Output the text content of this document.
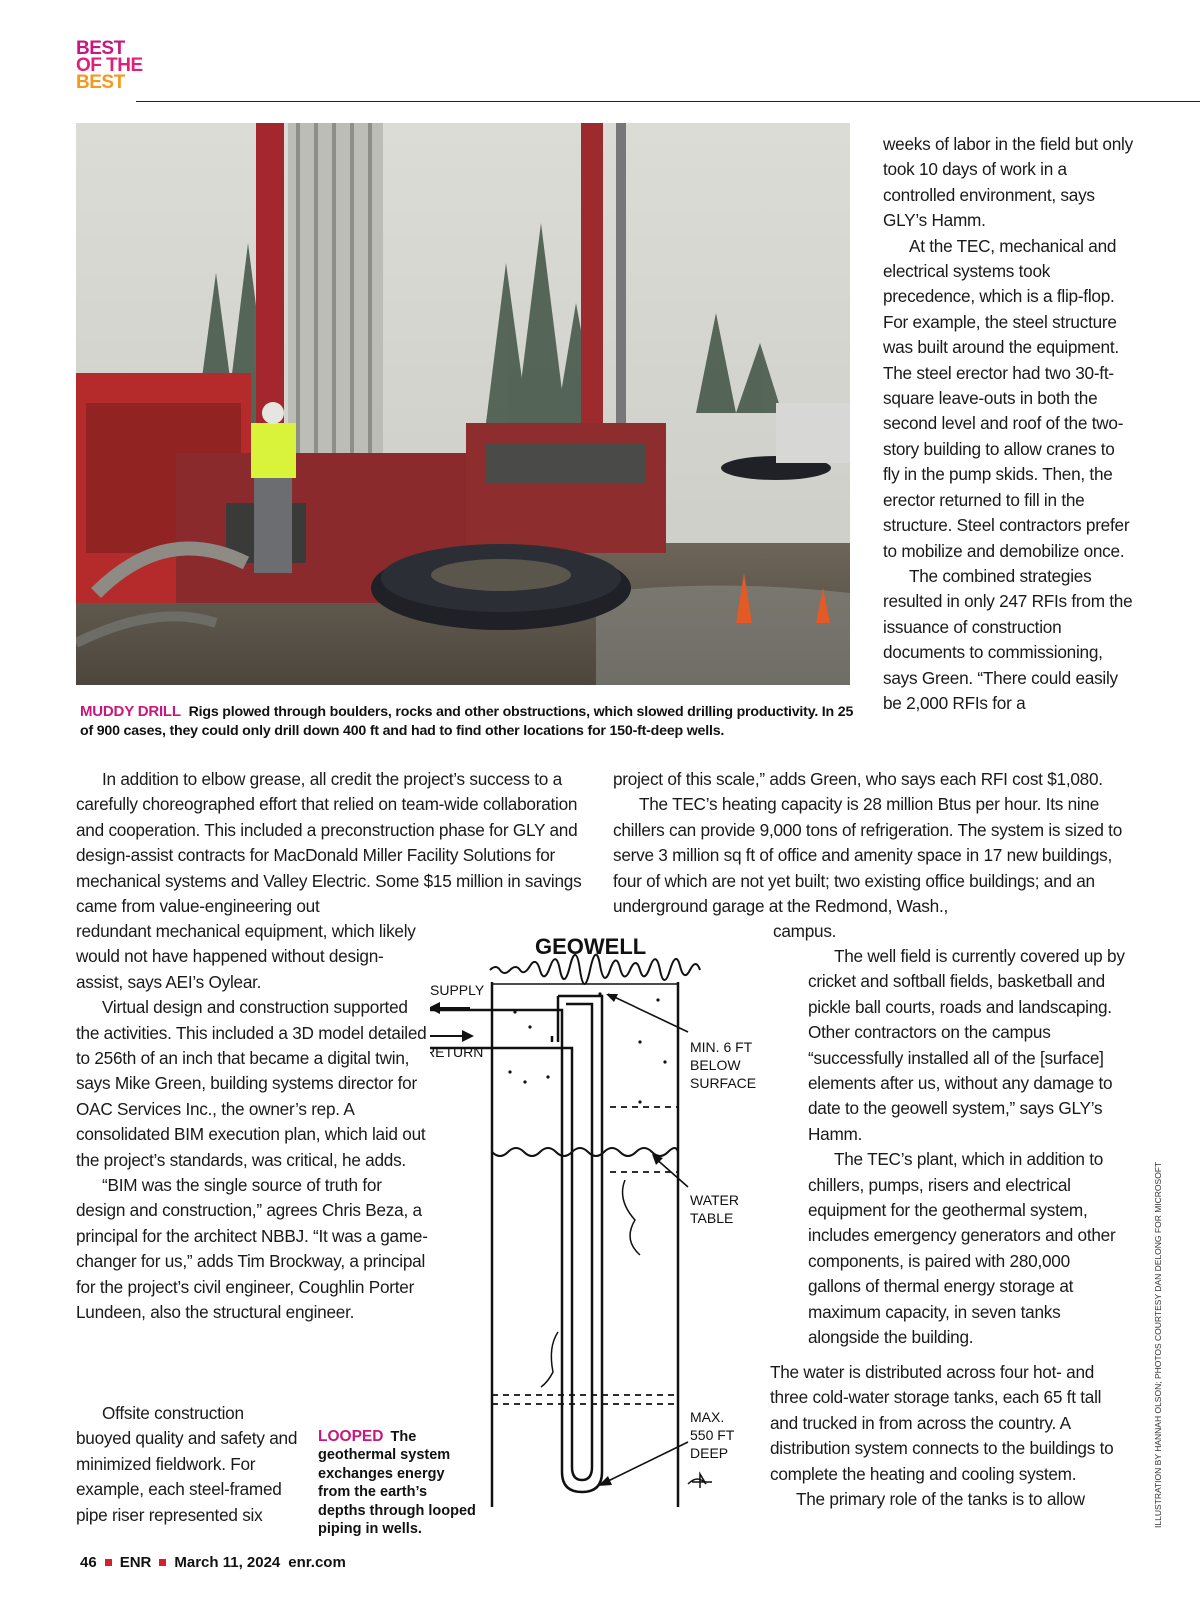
BEST
OF THE
BEST
MUDDY DRILL Rigs plowed through boulders, rocks and other obstructions, which slowed drilling productivity. In 25 of 900 cases, they could only drill down 400 ft and had to find other locations for 150-ft-deep wells.

weeks of labor in the field but only took 10 days of work in a controlled environment, says GLY’s Hamm.

At the TEC, mechanical and electrical systems took precedence, which is a flip-flop. For example, the steel structure was built around the equipment. The steel erector had two 30-ft-square leave-outs in both the second level and roof of the two-story building to allow cranes to fly in the pump skids. Then, the erector returned to fill in the structure. Steel contractors prefer to mobilize and demobilize once.

The combined strategies resulted in only 247 RFIs from the issuance of construction documents to commissioning, says Green. “There could easily be 2,000 RFIs for a

In addition to elbow grease, all credit the project’s success to a carefully choreographed effort that relied on team-wide collaboration and cooperation. This included a preconstruction phase for GLY and design-assist contracts for MacDonald Miller Facility Solutions for mechanical systems and Valley Electric. Some $15 million in savings came from value-engineering out

redundant mechanical equipment, which likely would not have happened without design-assist, says AEI’s Oylear.

Virtual design and construction supported the activities. This included a 3D model detailed to 256th of an inch that became a digital twin, says Mike Green, building systems director for OAC Services Inc., the owner’s rep. A consolidated BIM execution plan, which laid out the project’s standards, was critical, he adds.

“BIM was the single source of truth for design and construction,” agrees Chris Beza, a principal for the architect NBBJ. “It was a game-changer for us,” adds Tim Brockway, a principal for the project’s civil engineer, Coughlin Porter Lundeen, also the structural engineer.

Offsite construction

buoyed quality and safety and minimized fieldwork. For example, each steel-framed pipe riser represented six

project of this scale,” adds Green, who says each RFI cost $1,080.

The TEC’s heating capacity is 28 million Btus per hour. Its nine chillers can provide 9,000 tons of refrigeration. The system is sized to serve 3 million sq ft of office and amenity space in 17 new buildings, four of which are not yet built; two existing office buildings; and an underground garage at the Redmond, Wash.,

campus.

The well field is currently covered up by cricket and softball fields, basketball and pickle ball courts, roads and landscaping. Other contractors on the campus “successfully installed all of the [surface] elements after us, without any damage to date to the geowell system,” says GLY’s Hamm.

The TEC’s plant, which in addition to chillers, pumps, risers and electrical equipment for the geothermal system, includes emergency generators and other components, is paired with 280,000 gallons of thermal energy storage at maximum capacity, in seven tanks alongside the building.

The water is distributed across four hot- and three cold-water storage tanks, each 65 ft tall and trucked in from across the country. A distribution system connects to the buildings to complete the heating and cooling system.

The primary role of the tanks is to allow

GEOWELL
SUPPLY
RETURN	MIN. 6 FT
BELOW
SURFACE
WATER
TABLE
MAX.
550 FT
DEEP
LOOPED The geothermal system exchanges energy from the earth’s depths through looped piping in wells.
ILLUSTRATION BY HANNAH OLSON; PHOTOS COURTESY DAN DELONG FOR MICROSOFT
46 ENR March 11, 2024 enr.com
